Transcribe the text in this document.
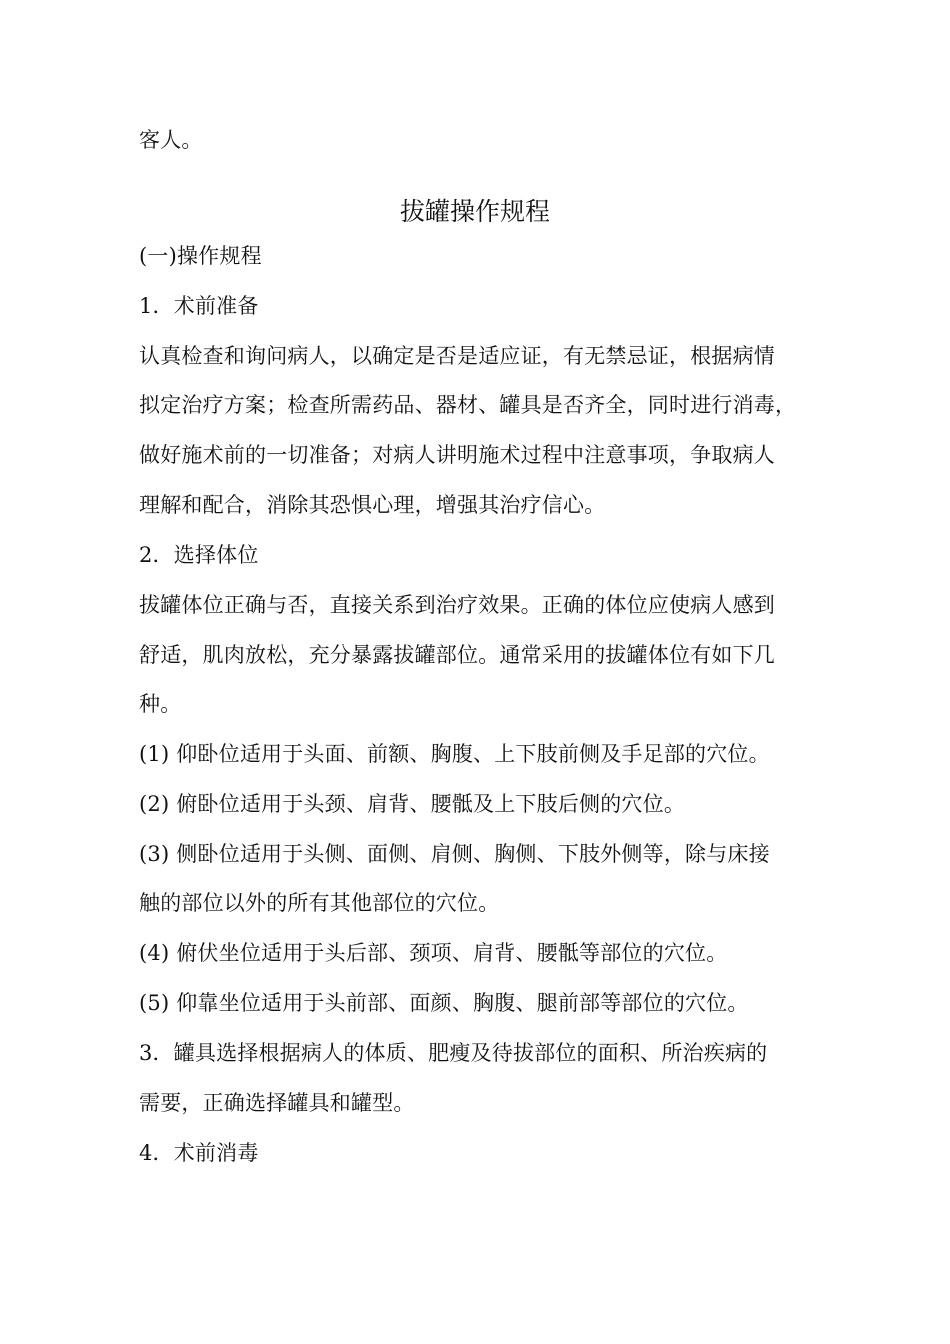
客人。
拔罐操作规程
(一)操作规程
1．术前准备
认真检查和询问病人，以确定是否是适应证，有无禁忌证，根据病情
拟定治疗方案；检查所需药品、器材、罐具是否齐全，同时进行消毒，
做好施术前的一切准备；对病人讲明施术过程中注意事项，争取病人
理解和配合，消除其恐惧心理，增强其治疗信心。
2．选择体位
拔罐体位正确与否，直接关系到治疗效果。正确的体位应使病人感到
舒适，肌肉放松，充分暴露拔罐部位。通常采用的拔罐体位有如下几
种。
(1) 仰卧位适用于头面、前额、胸腹、上下肢前侧及手足部的穴位。
(2) 俯卧位适用于头颈、肩背、腰骶及上下肢后侧的穴位。
(3) 侧卧位适用于头侧、面侧、肩侧、胸侧、下肢外侧等，除与床接
触的部位以外的所有其他部位的穴位。
(4) 俯伏坐位适用于头后部、颈项、肩背、腰骶等部位的穴位。
(5) 仰靠坐位适用于头前部、面颜、胸腹、腿前部等部位的穴位。
3．罐具选择根据病人的体质、肥瘦及待拔部位的面积、所治疾病的
需要，正确选择罐具和罐型。
4．术前消毒
